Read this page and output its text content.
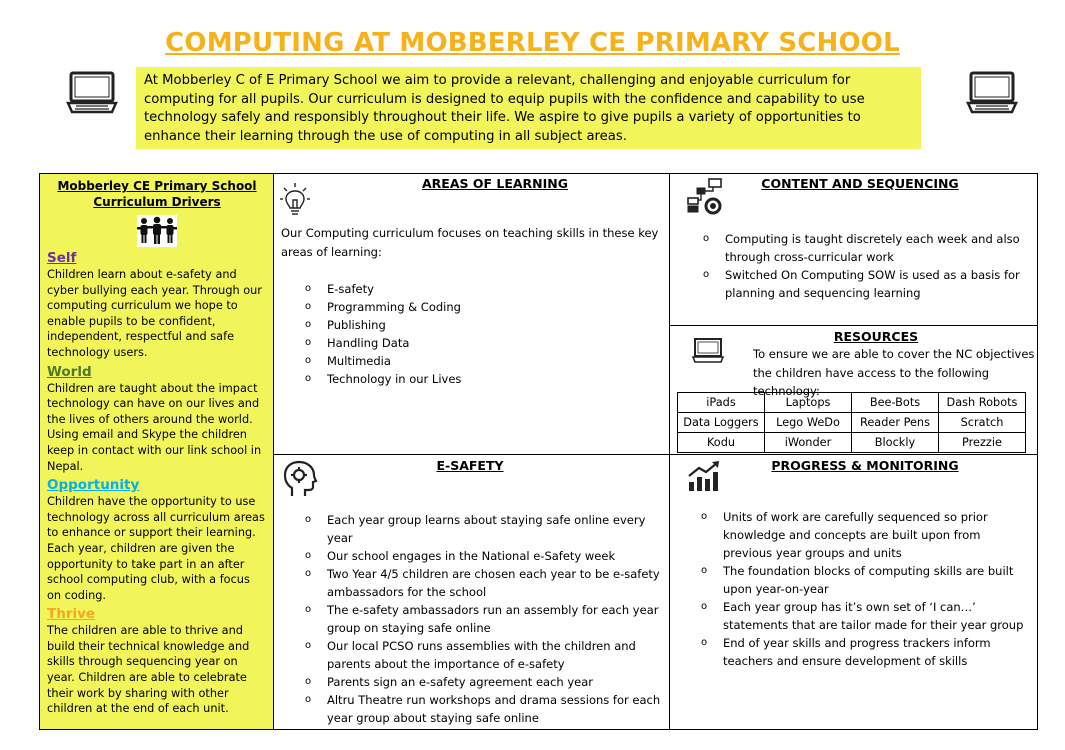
COMPUTING AT MOBBERLEY CE PRIMARY SCHOOL
At Mobberley C of E Primary School we aim to provide a relevant, challenging and enjoyable curriculum for computing for all pupils. Our curriculum is designed to equip pupils with the confidence and capability to use technology safely and responsibly throughout their life. We aspire to give pupils a variety of opportunities to enhance their learning through the use of computing in all subject areas.
Mobberley CE Primary School Curriculum Drivers
Self
Children learn about e-safety and cyber bullying each year. Through our computing curriculum we hope to enable pupils to be confident, independent, respectful and safe technology users.
World
Children are taught about the impact technology can have on our lives and the lives of others around the world. Using email and Skype the children keep in contact with our link school in Nepal.
Opportunity
Children have the opportunity to use technology across all curriculum areas to enhance or support their learning.
Each year, children are given the opportunity to take part in an after school computing club, with a focus on coding.
Thrive
The children are able to thrive and build their technical knowledge and skills through sequencing year on year. Children are able to celebrate their work by sharing with other children at the end of each unit.
AREAS OF LEARNING
Our Computing curriculum focuses on teaching skills in these key areas of learning:
o E-safety
o Programming & Coding
o Publishing
o Handling Data
o Multimedia
o Technology in our Lives
CONTENT AND SEQUENCING
o Computing is taught discretely each week and also through cross-curricular work
o Switched On Computing SOW is used as a basis for planning and sequencing learning
RESOURCES
To ensure we are able to cover the NC objectives the children have access to the following technology:
iPads	Laptops	Bee-Bots	Dash Robots
Data Loggers	Lego WeDo	Reader Pens	Scratch
Kodu	iWonder	Blockly	Prezzie
E-SAFETY
o Each year group learns about staying safe online every year
o Our school engages in the National e-Safety week
o Two Year 4/5 children are chosen each year to be e-safety ambassadors for the school
o The e-safety ambassadors run an assembly for each year group on staying safe online
o Our local PCSO runs assemblies with the children and parents about the importance of e-safety
o Parents sign an e-safety agreement each year
o Altru Theatre run workshops and drama sessions for each year group about staying safe online
PROGRESS & MONITORING
o Units of work are carefully sequenced so prior knowledge and concepts are built upon from previous year groups and units
o The foundation blocks of computing skills are built upon year-on-year
o Each year group has it’s own set of ‘I can…’ statements that are tailor made for their year group
o End of year skills and progress trackers inform teachers and ensure development of skills
